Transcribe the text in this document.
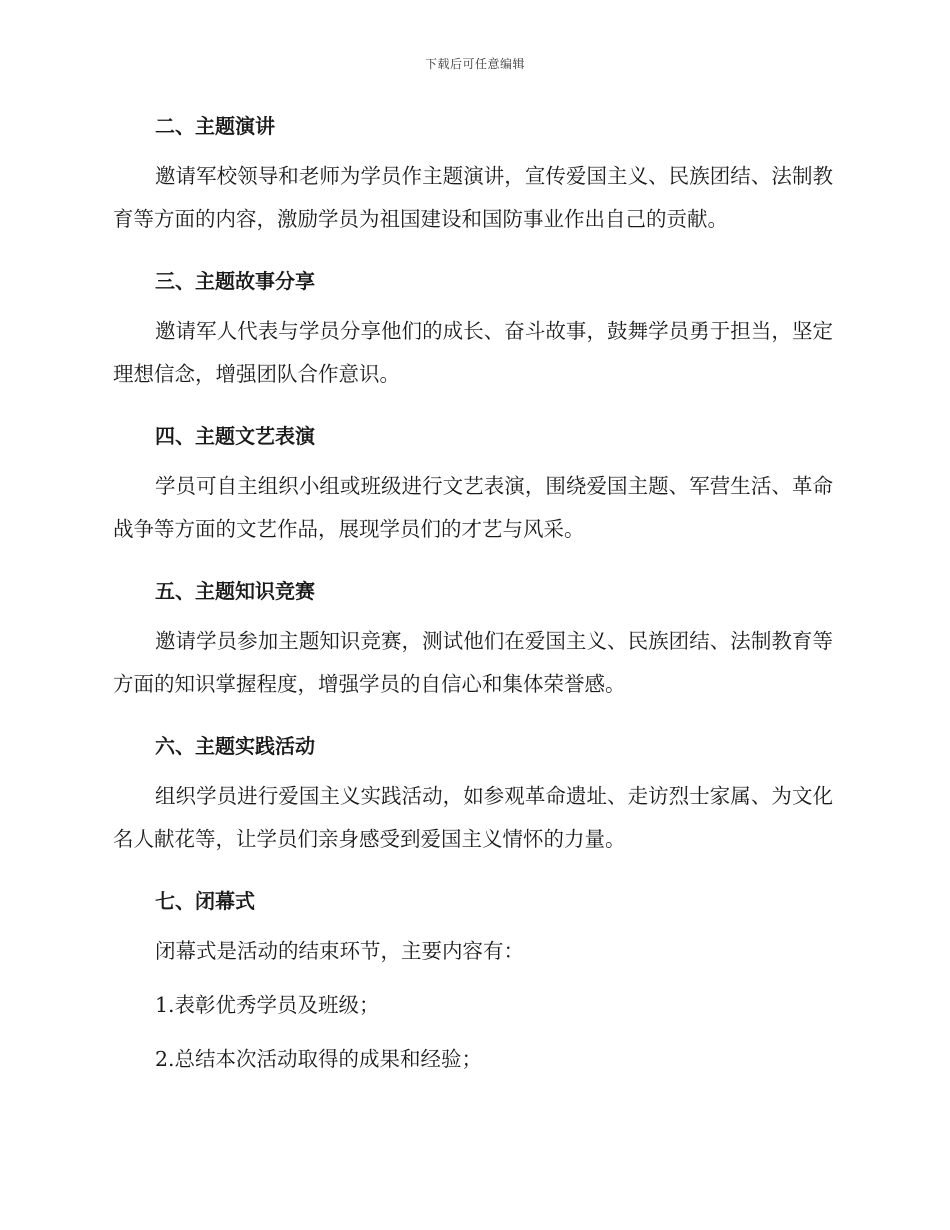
下载后可任意编辑
二、主题演讲
邀请军校领导和老师为学员作主题演讲，宣传爱国主义、民族团结、法制教育等方面的内容，激励学员为祖国建设和国防事业作出自己的贡献。
三、主题故事分享
邀请军人代表与学员分享他们的成长、奋斗故事，鼓舞学员勇于担当，坚定理想信念，增强团队合作意识。
四、主题文艺表演
学员可自主组织小组或班级进行文艺表演，围绕爱国主题、军营生活、革命战争等方面的文艺作品，展现学员们的才艺与风采。
五、主题知识竞赛
邀请学员参加主题知识竞赛，测试他们在爱国主义、民族团结、法制教育等方面的知识掌握程度，增强学员的自信心和集体荣誉感。
六、主题实践活动
组织学员进行爱国主义实践活动，如参观革命遗址、走访烈士家属、为文化名人献花等，让学员们亲身感受到爱国主义情怀的力量。
七、闭幕式
闭幕式是活动的结束环节，主要内容有：
1.表彰优秀学员及班级；
2.总结本次活动取得的成果和经验；
